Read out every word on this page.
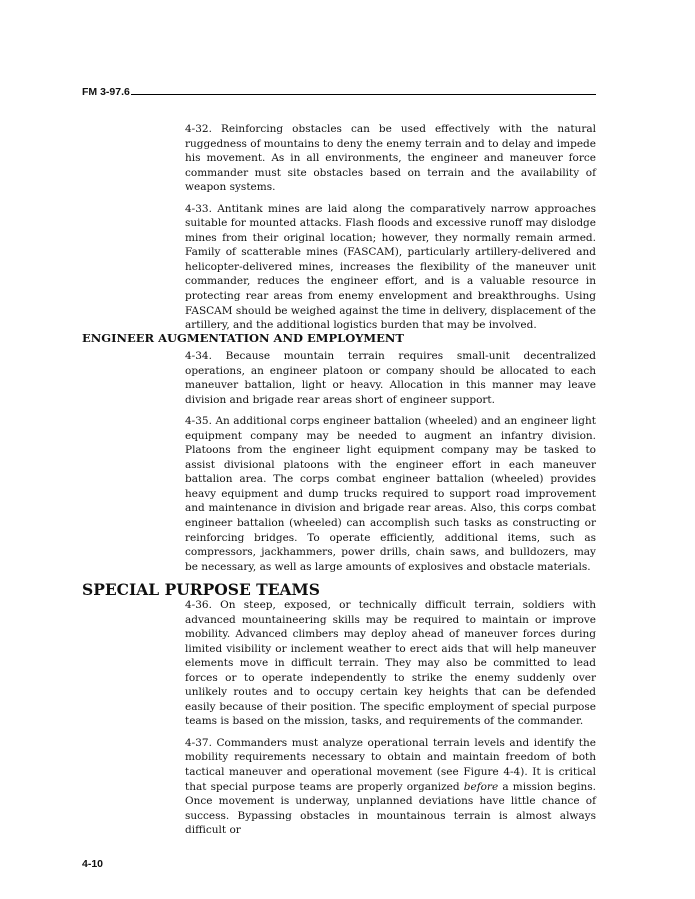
FM 3-97.6

4-32. Reinforcing obstacles can be used effectively with the natural ruggedness of mountains to deny the enemy terrain and to delay and impede his movement. As in all environments, the engineer and maneuver force commander must site obstacles based on terrain and the availability of weapon systems.

4-33. Antitank mines are laid along the comparatively narrow approaches suitable for mounted attacks. Flash floods and excessive runoff may dislodge mines from their original location; however, they normally remain armed. Family of scatterable mines (FASCAM), particularly artillery-delivered and helicopter-delivered mines, increases the flexibility of the maneuver unit commander, reduces the engineer effort, and is a valuable resource in protecting rear areas from enemy envelopment and breakthroughs. Using FASCAM should be weighed against the time in delivery, displacement of the artillery, and the additional logistics burden that may be involved.

ENGINEER AUGMENTATION AND EMPLOYMENT

4-34. Because mountain terrain requires small-unit decentralized operations, an engineer platoon or company should be allocated to each maneuver battalion, light or heavy. Allocation in this manner may leave division and brigade rear areas short of engineer support.

4-35. An additional corps engineer battalion (wheeled) and an engineer light equipment company may be needed to augment an infantry division. Platoons from the engineer light equipment company may be tasked to assist divisional platoons with the engineer effort in each maneuver battalion area. The corps combat engineer battalion (wheeled) provides heavy equipment and dump trucks required to support road improvement and maintenance in division and brigade rear areas. Also, this corps combat engineer battalion (wheeled) can accomplish such tasks as constructing or reinforcing bridges. To operate efficiently, additional items, such as compressors, jackhammers, power drills, chain saws, and bulldozers, may be necessary, as well as large amounts of explosives and obstacle materials.

SPECIAL PURPOSE TEAMS

4-36. On steep, exposed, or technically difficult terrain, soldiers with advanced mountaineering skills may be required to maintain or improve mobility. Advanced climbers may deploy ahead of maneuver forces during limited visibility or inclement weather to erect aids that will help maneuver elements move in difficult terrain. They may also be committed to lead forces or to operate independently to strike the enemy suddenly over unlikely routes and to occupy certain key heights that can be defended easily because of their position. The specific employment of special purpose teams is based on the mission, tasks, and requirements of the commander.

4-37. Commanders must analyze operational terrain levels and identify the mobility requirements necessary to obtain and maintain freedom of both tactical maneuver and operational movement (see Figure 4-4). It is critical that special purpose teams are properly organized before a mission begins. Once movement is underway, unplanned deviations have little chance of success. Bypassing obstacles in mountainous terrain is almost always difficult or

4-10
